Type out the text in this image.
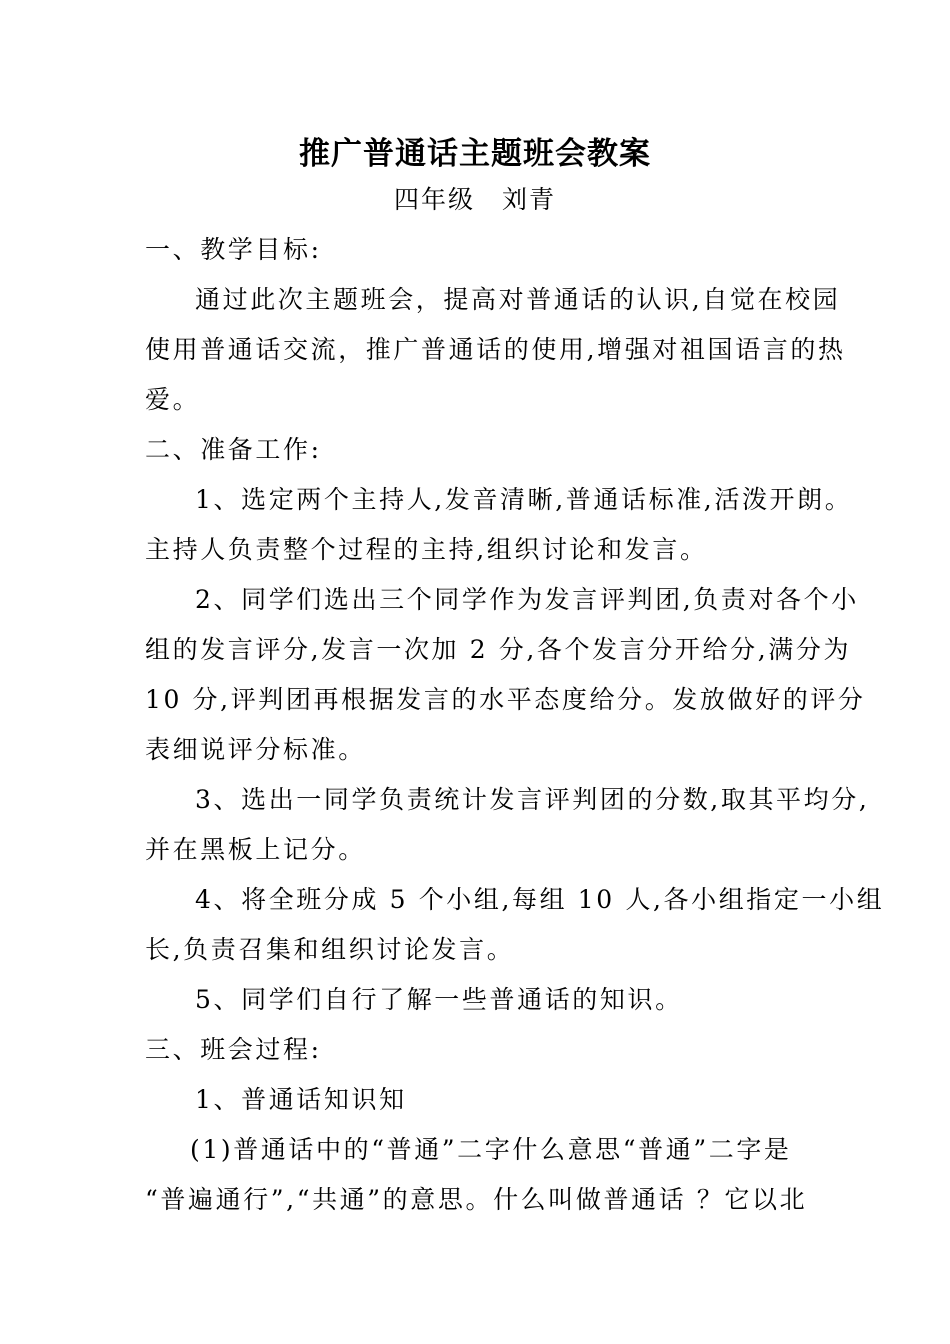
推广普通话主题班会教案
四年级　刘青
一、教学目标:
通过此次主题班会，提高对普通话的认识,自觉在校园
使用普通话交流，推广普通话的使用,增强对祖国语言的热
爱。
二、准备工作:
1、选定两个主持人,发音清晰,普通话标准,活泼开朗。
主持人负责整个过程的主持,组织讨论和发言。
2、同学们选出三个同学作为发言评判团,负责对各个小
组的发言评分,发言一次加 2 分,各个发言分开给分,满分为
10 分,评判团再根据发言的水平态度给分。发放做好的评分
表细说评分标准。
3、选出一同学负责统计发言评判团的分数,取其平均分,
并在黑板上记分。
4、将全班分成 5 个小组,每组 10 人,各小组指定一小组
长,负责召集和组织讨论发言。
5、同学们自行了解一些普通话的知识。
三、班会过程:
1、普通话知识知
(1)普通话中的“普通”二字什么意思“普通”二字是
“普遍通行”,“共通”的意思。什么叫做普通话 ？它以北
